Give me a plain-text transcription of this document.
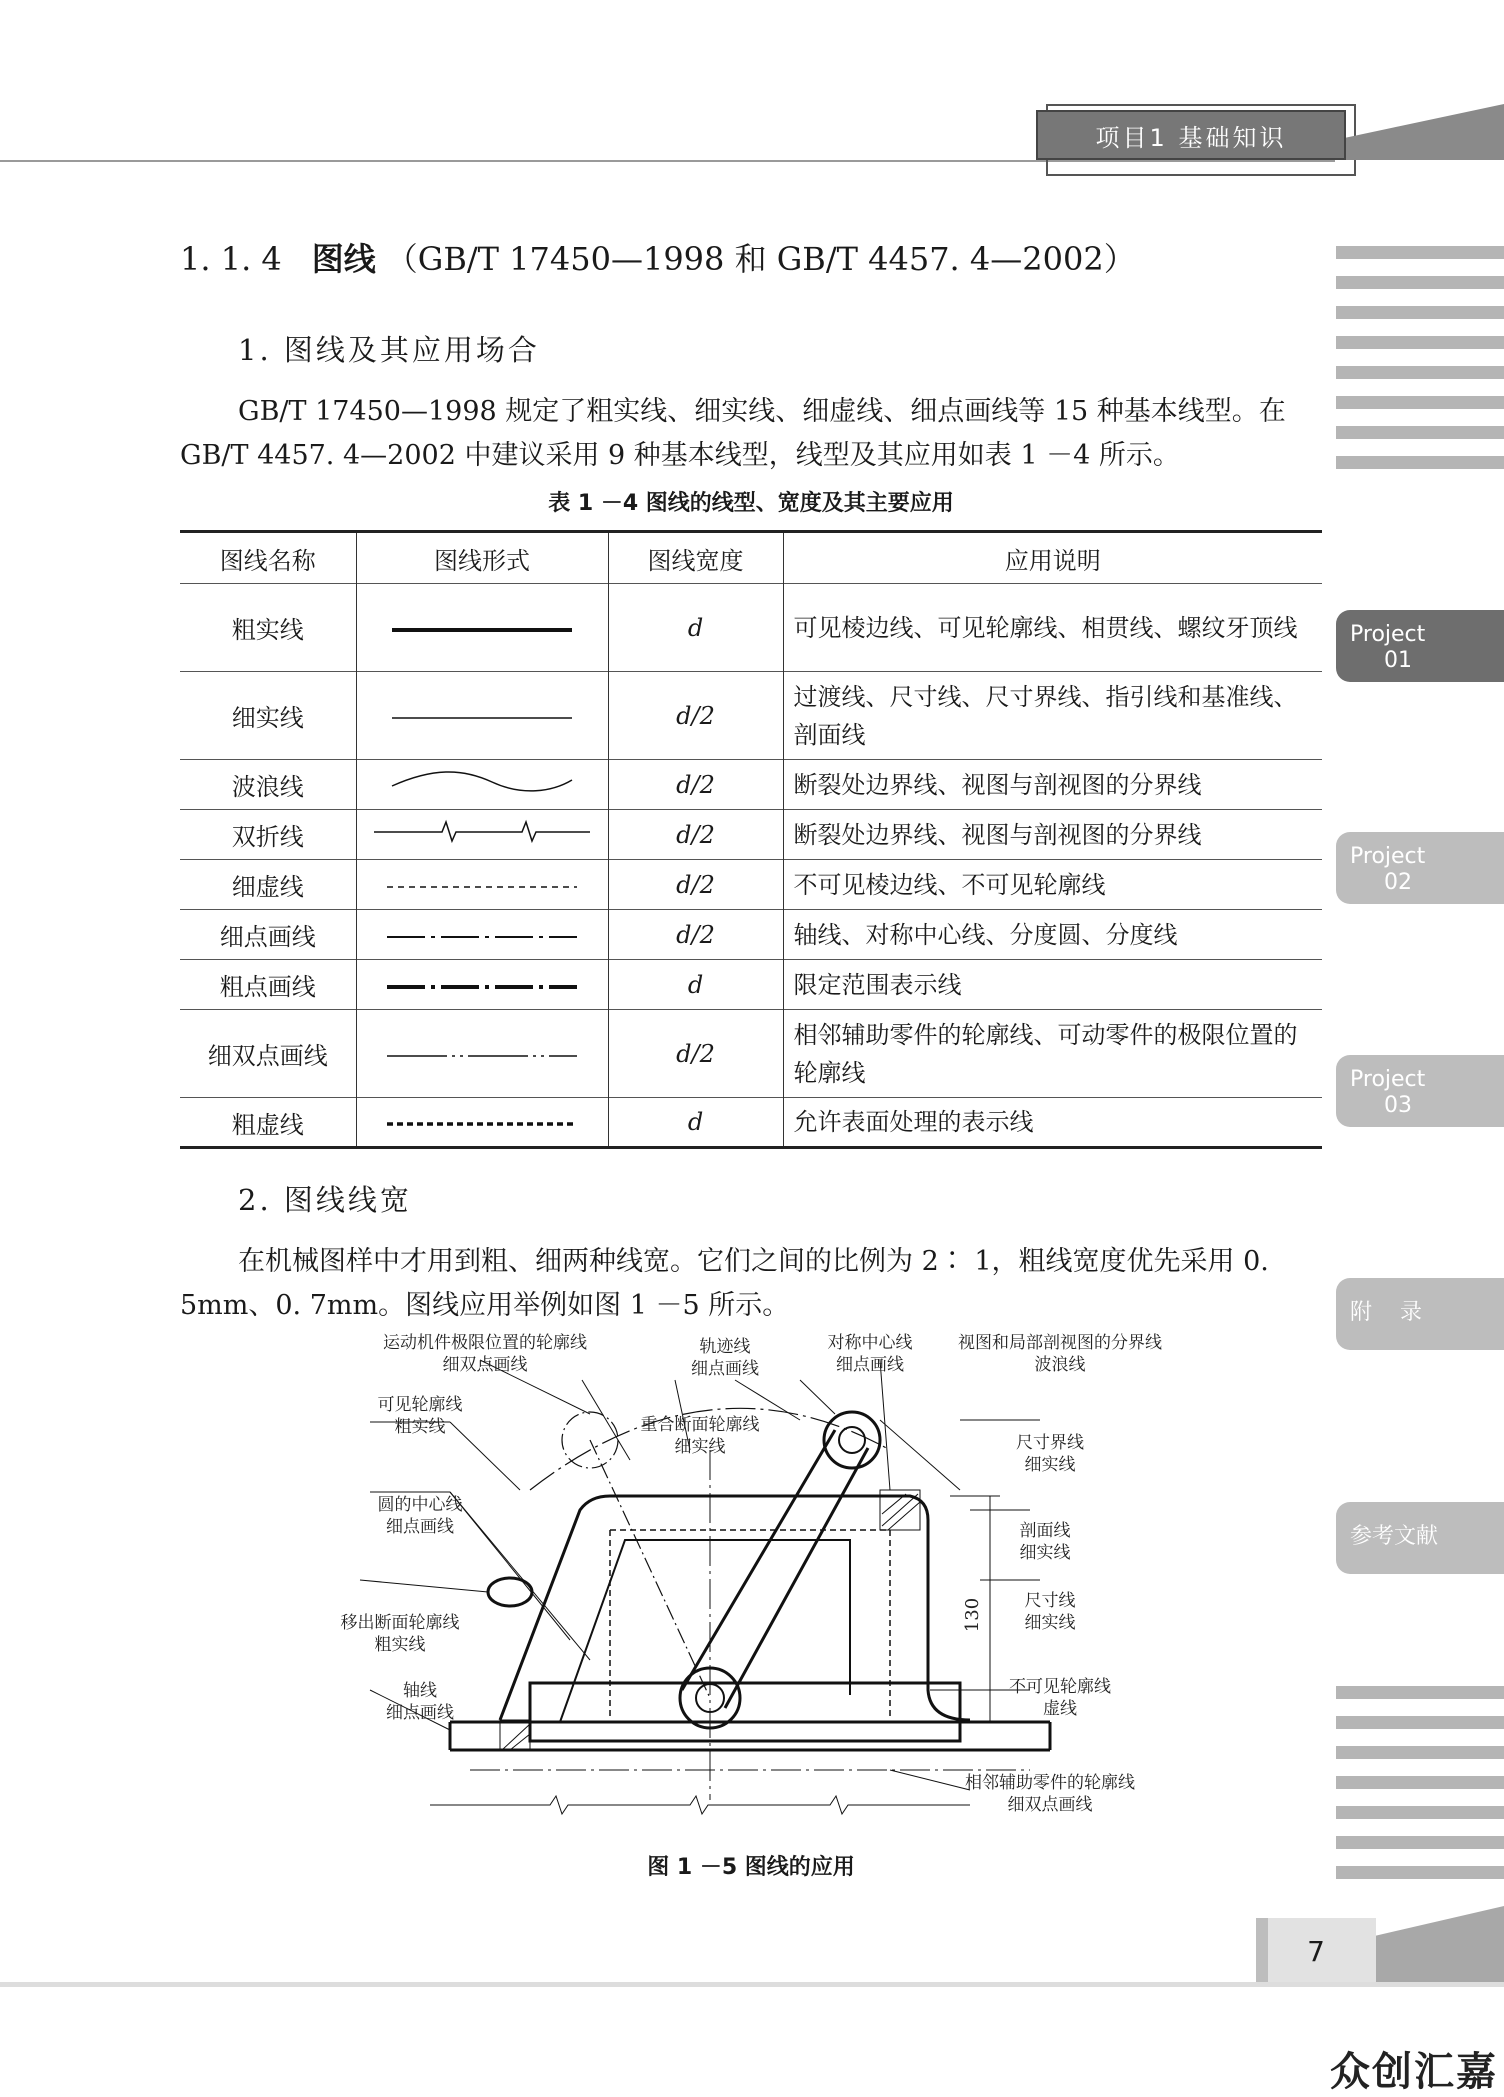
项目1 基础知识
Project
01
Project
02
Project
03
附    录
参考文献
1. 1. 4 图线 （GB/T 17450—1998 和 GB/T 4457. 4—2002）
1. 图线及其应用场合
GB/T 17450—1998 规定了粗实线、细实线、细虚线、细点画线等 15 种基本线型。在 GB/T 4457. 4—2002 中建议采用 9 种基本线型，线型及其应用如表 1 －4 所示。
表 1 －4 图线的线型、宽度及其主要应用
图线名称	图线形式	图线宽度	应用说明
粗实线		d	可见棱边线、可见轮廓线、相贯线、螺纹牙顶线
细实线		d/2	过渡线、尺寸线、尺寸界线、指引线和基准线、剖面线
波浪线		d/2	断裂处边界线、视图与剖视图的分界线
双折线		d/2	断裂处边界线、视图与剖视图的分界线
细虚线		d/2	不可见棱边线、不可见轮廓线
细点画线		d/2	轴线、对称中心线、分度圆、分度线
粗点画线		d	限定范围表示线
细双点画线		d/2	相邻辅助零件的轮廓线、可动零件的极限位置的轮廓线
粗虚线		d	允许表面处理的表示线
2. 图线线宽
在机械图样中才用到粗、细两种线宽。它们之间的比例为 2∶ 1，粗线宽度优先采用 0. 5mm、0. 7mm。图线应用举例如图 1 －5 所示。
运动机件极限位置的轮廓线
细双点画线
轨迹线
细点画线
对称中心线
细点画线
视图和局部剖视图的分界线
波浪线
可见轮廓线
粗实线	重合断面轮廓线
细实线	尺寸界线
细实线
圆的中心线
细点画线	剖面线
细实线
尺寸线
细实线
移出断面轮廓线
粗实线
不可见轮廓线
虚线
轴线
细点画线
相邻辅助零件的轮廓线
细双点画线
130
图 1 －5 图线的应用
7
众创汇嘉
